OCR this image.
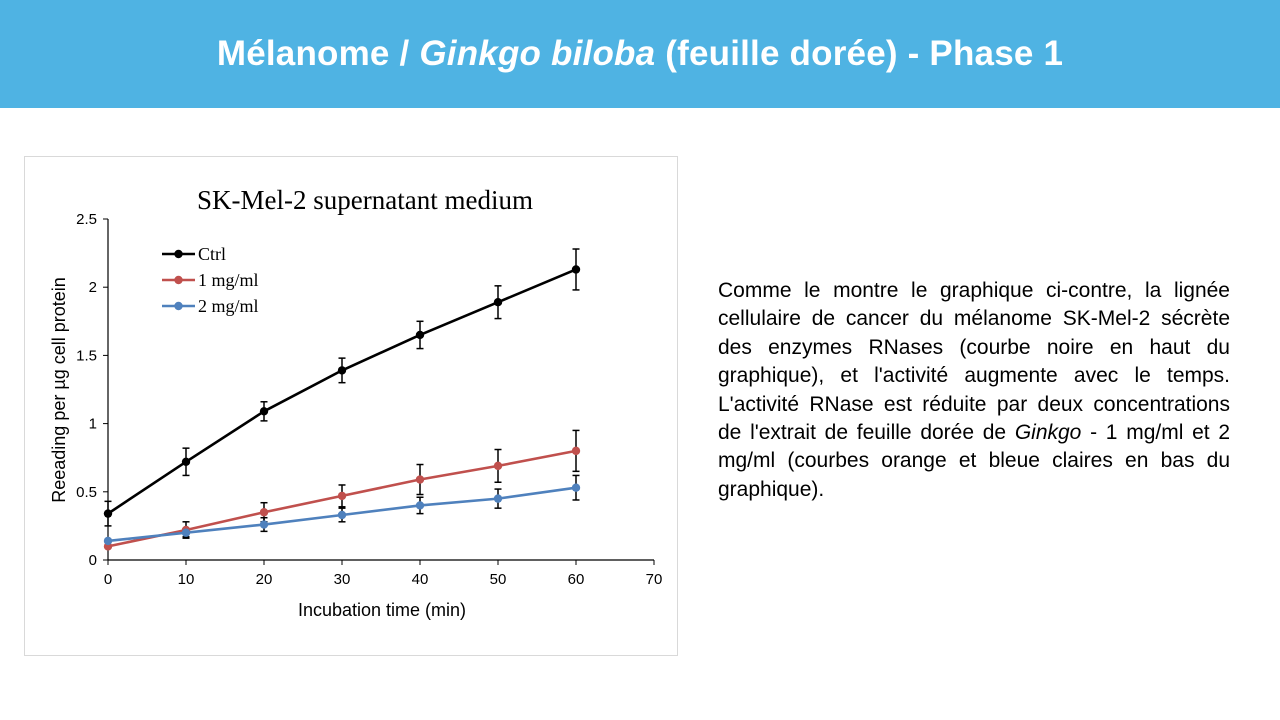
Mélanome / Ginkgo biloba (feuille dorée) - Phase 1
SK-Mel-2 supernatant medium
0	10	20	30	40	50	60	70
0
0.5
1
1.5
2
2.5
Ctrl
1 mg/ml
2 mg/ml
Incubation time (min)
Reeading per µg cell protein	Comme le montre le graphique ci-contre, la lignée cellulaire de cancer du mélanome SK-Mel-2 sécrète des enzymes RNases (courbe noire en haut du graphique), et l'activité augmente avec le temps. L'activité RNase est réduite par deux concentrations de l'extrait de feuille dorée de Ginkgo - 1 mg/ml et 2 mg/ml (courbes orange et bleue claires en bas du graphique).
